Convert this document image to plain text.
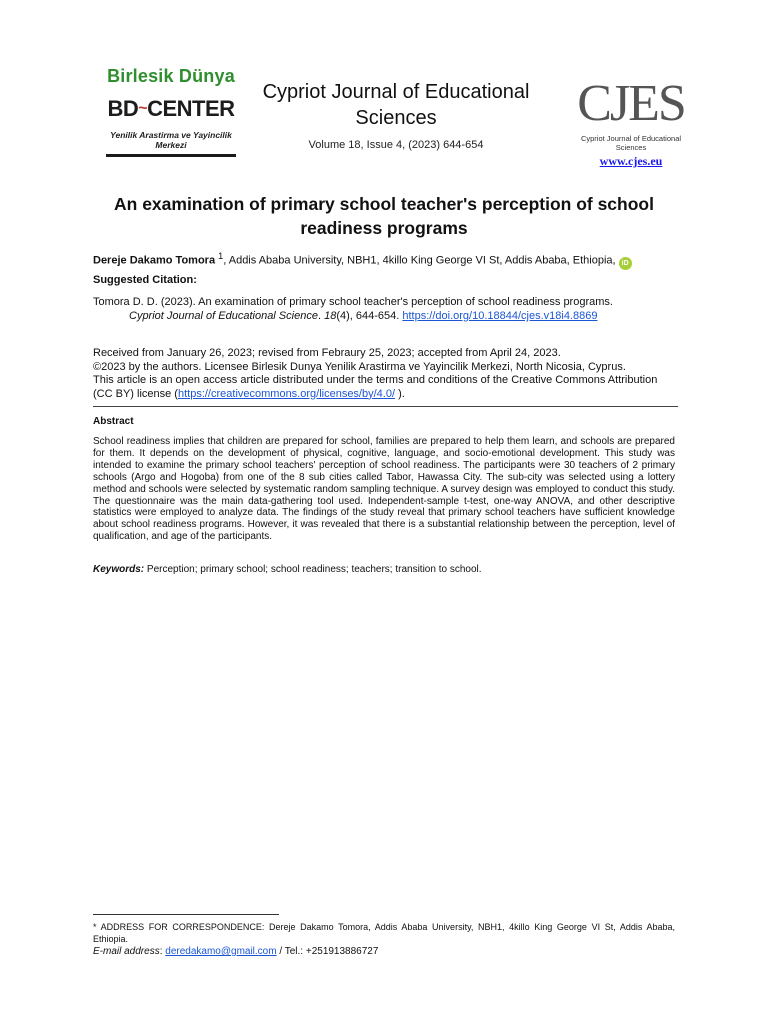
Birlesik Dünya
BD~CENTER
Yenilik Arastirma ve Yayincilik Merkezi
Cypriot Journal of Educational Sciences
Volume 18, Issue 4, (2023) 644-654
CJES
Cypriot Journal of Educational Sciences
www.cjes.eu
An examination of primary school teacher's perception of school readiness programs
Dereje Dakamo Tomora $^1$, Addis Ababa University, NBH1, 4killo King George VI St, Addis Ababa, Ethiopia, iD
Suggested Citation:
Tomora D. D. (2023). An examination of primary school teacher's perception of school readiness programs.
Cypriot Journal of Educational Science. 18(4), 644-654. https://doi.org/10.18844/cjes.v18i4.8869
Received from January 26, 2023; revised from Febraury 25, 2023; accepted from April 24, 2023.
©2023 by the authors. Licensee Birlesik Dunya Yenilik Arastirma ve Yayincilik Merkezi, North Nicosia, Cyprus.
This article is an open access article distributed under the terms and conditions of the Creative Commons Attribution (CC BY) license (https://creativecommons.org/licenses/by/4.0/ ).
Abstract
School readiness implies that children are prepared for school, families are prepared to help them learn, and schools are prepared for them. It depends on the development of physical, cognitive, language, and socio-emotional development. This study was intended to examine the primary school teachers' perception of school readiness. The participants were 30 teachers of 2 primary schools (Argo and Hogoba) from one of the 8 sub cities called Tabor, Hawassa City. The sub-city was selected using a lottery method and schools were selected by systematic random sampling technique. A survey design was employed to conduct this study. The questionnaire was the main data-gathering tool used. Independent-sample t-test, one-way ANOVA, and other descriptive statistics were employed to analyze data. The findings of the study reveal that primary school teachers have sufficient knowledge about school readiness programs. However, it was revealed that there is a substantial relationship between the perception, level of qualification, and age of the participants.
Keywords: Perception; primary school; school readiness; teachers; transition to school.
* ADDRESS FOR CORRESPONDENCE: Dereje Dakamo Tomora, Addis Ababa University, NBH1, 4killo King George VI St, Addis Ababa, Ethiopia.
E-mail address: deredakamo@gmail.com / Tel.: +251913886727
